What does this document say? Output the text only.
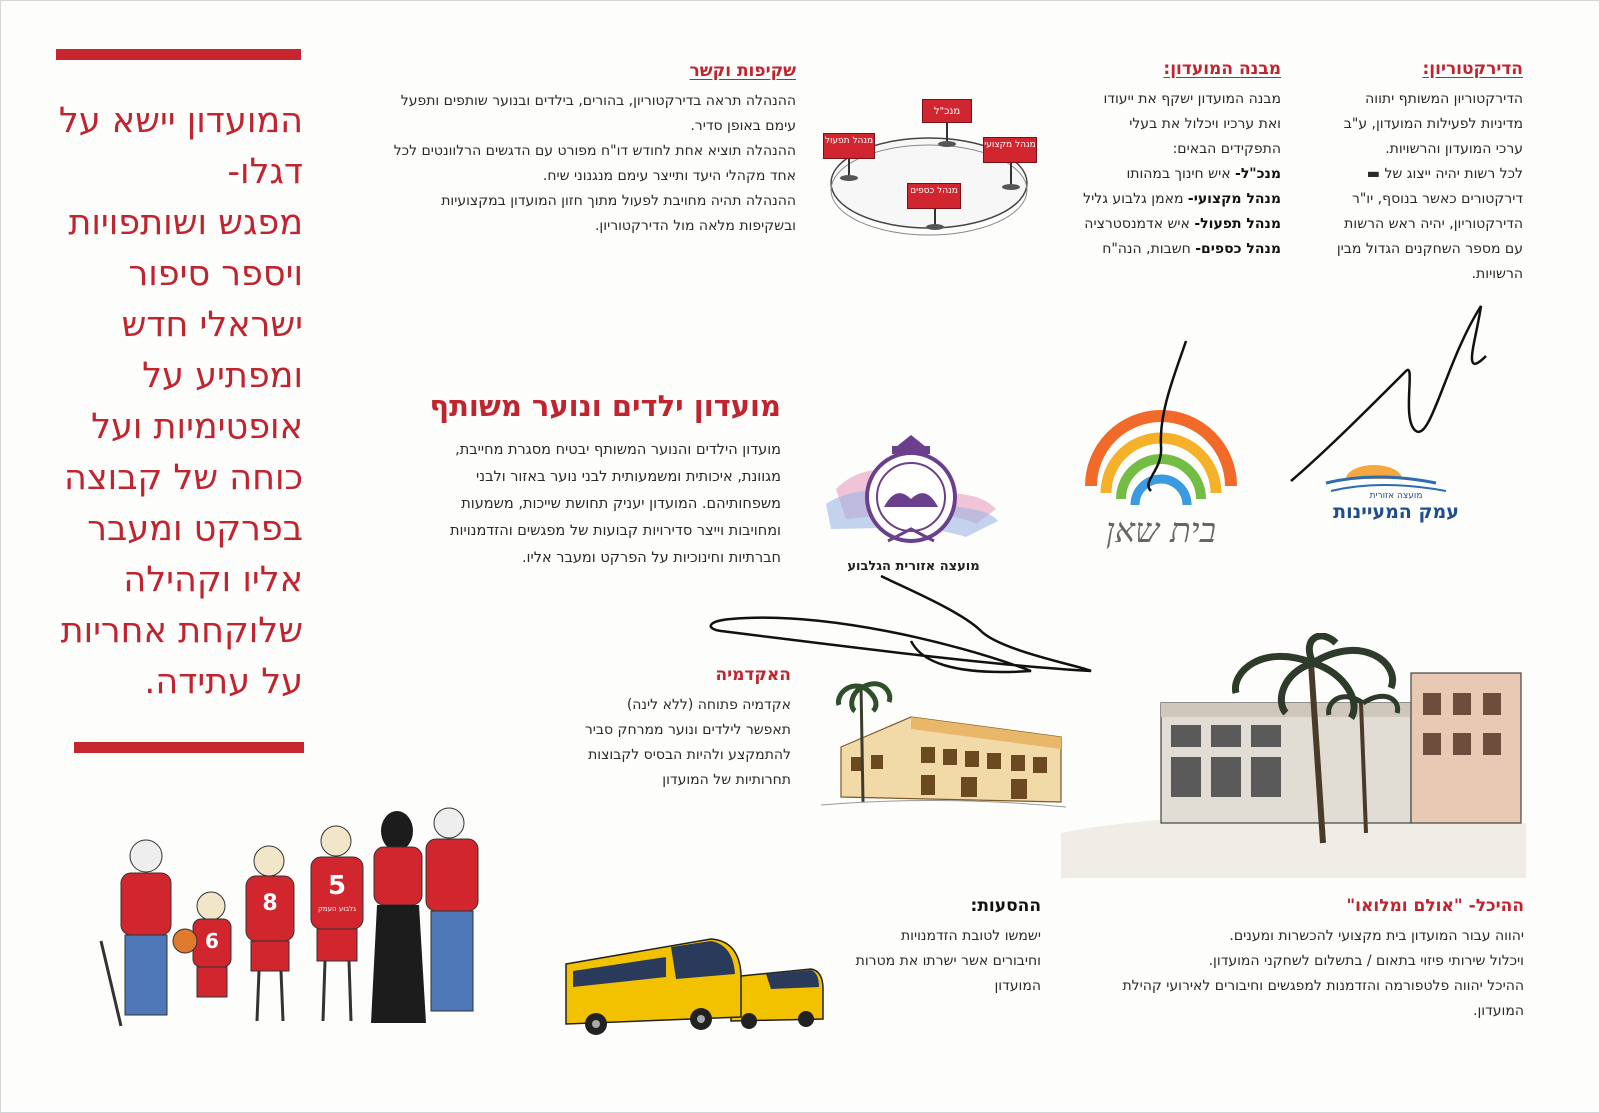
המועדון יישא על
דגלו-
מפגש ושותפויות
ויספר סיפור
ישראלי חדש
ומפתיע על
אופטימיות ועל
כוחה של קבוצה
בפרקט ומעבר
אליו וקהילה
שלוקחת אחריות
על עתידה.
שקיפות וקשר
ההנהלה תראה בדירקטוריון, בהורים, בילדים ובנוער שותפים ותפעל
עימם באופן סדיר.
ההנהלה תוציא אחת לחודש דו"ח מפורט עם הדגשים הרלוונטים לכל
אחד מקהלי היעד ותייצר עימם מנגנוני שיח.
ההנהלה תהיה מחויבת לפעול מתוך חזון המועדון במקצועיות
ובשקיפות מלאה מול הדירקטוריון.
מנכ"ל
מנהל תפעול	מנהל מקצועי
מנהל כספים
מבנה המועדון:
מבנה המועדון ישקף את ייעודו
ואת ערכיו ויכלול את בעלי
התפקידים הבאים:
מנכ"ל- איש חינוך במהותו
מנהל מקצועי- מאמן גלבוע גליל
מנהל תפעול- איש אדמנסטרציה
מנהל כספים- חשבות, הנה"ח
הדירקטוריון:
הדירקטוריון המשותף יתווה
מדיניות לפעילות המועדון, ע"ב
ערכי המועדון והרשויות.
לכל רשות יהיה ייצוג של ▬
דירקטורים כאשר בנוסף, יו"ר
הדירקטוריון, יהיה ראש הרשות
עם מספר השחקנים הגדול מבין
הרשויות.
מועדון ילדים ונוער משותף
מועדון הילדים והנוער המשותף יבטיח מסגרת מחייבת,
מגוונת, איכותית ומשמעותית לבני נוער באזור ולבני
משפחותיהם. המועדון יעניק תחושת שייכות, משמעות
ומחויבות וייצר סדירויות קבועות של מפגשים והזדמנויות
חברתיות וחינוכיות על הפרקט ומעבר אליו.
מועצה אזורית הגלבוע
בית שאן
מועצה אזורית
עמק המעיינות
האקדמיה
אקדמיה פתוחה (ללא לינה)
תאפשר לילדים ונוער ממרחק סביר
להתמקצע ולהיות הבסיס לקבוצות
תחרותיות של המועדון
ההיכל- "אולם ומלואו"
יהווה עבור המועדון בית מקצועי להכשרות ומענים.
ויכלול שירותי פיזוי בתאום / בתשלום לשחקני המועדון.
ההיכל יהווה פלטפורמה והזדמנות למפגשים וחיבורים לאירועי קהילת
המועדון.
ההסעות:
ישמשו לטובת הזדמנויות
וחיבורים אשר ישרתו את מטרות
המועדון
6
8
5
גלבוע העמק
